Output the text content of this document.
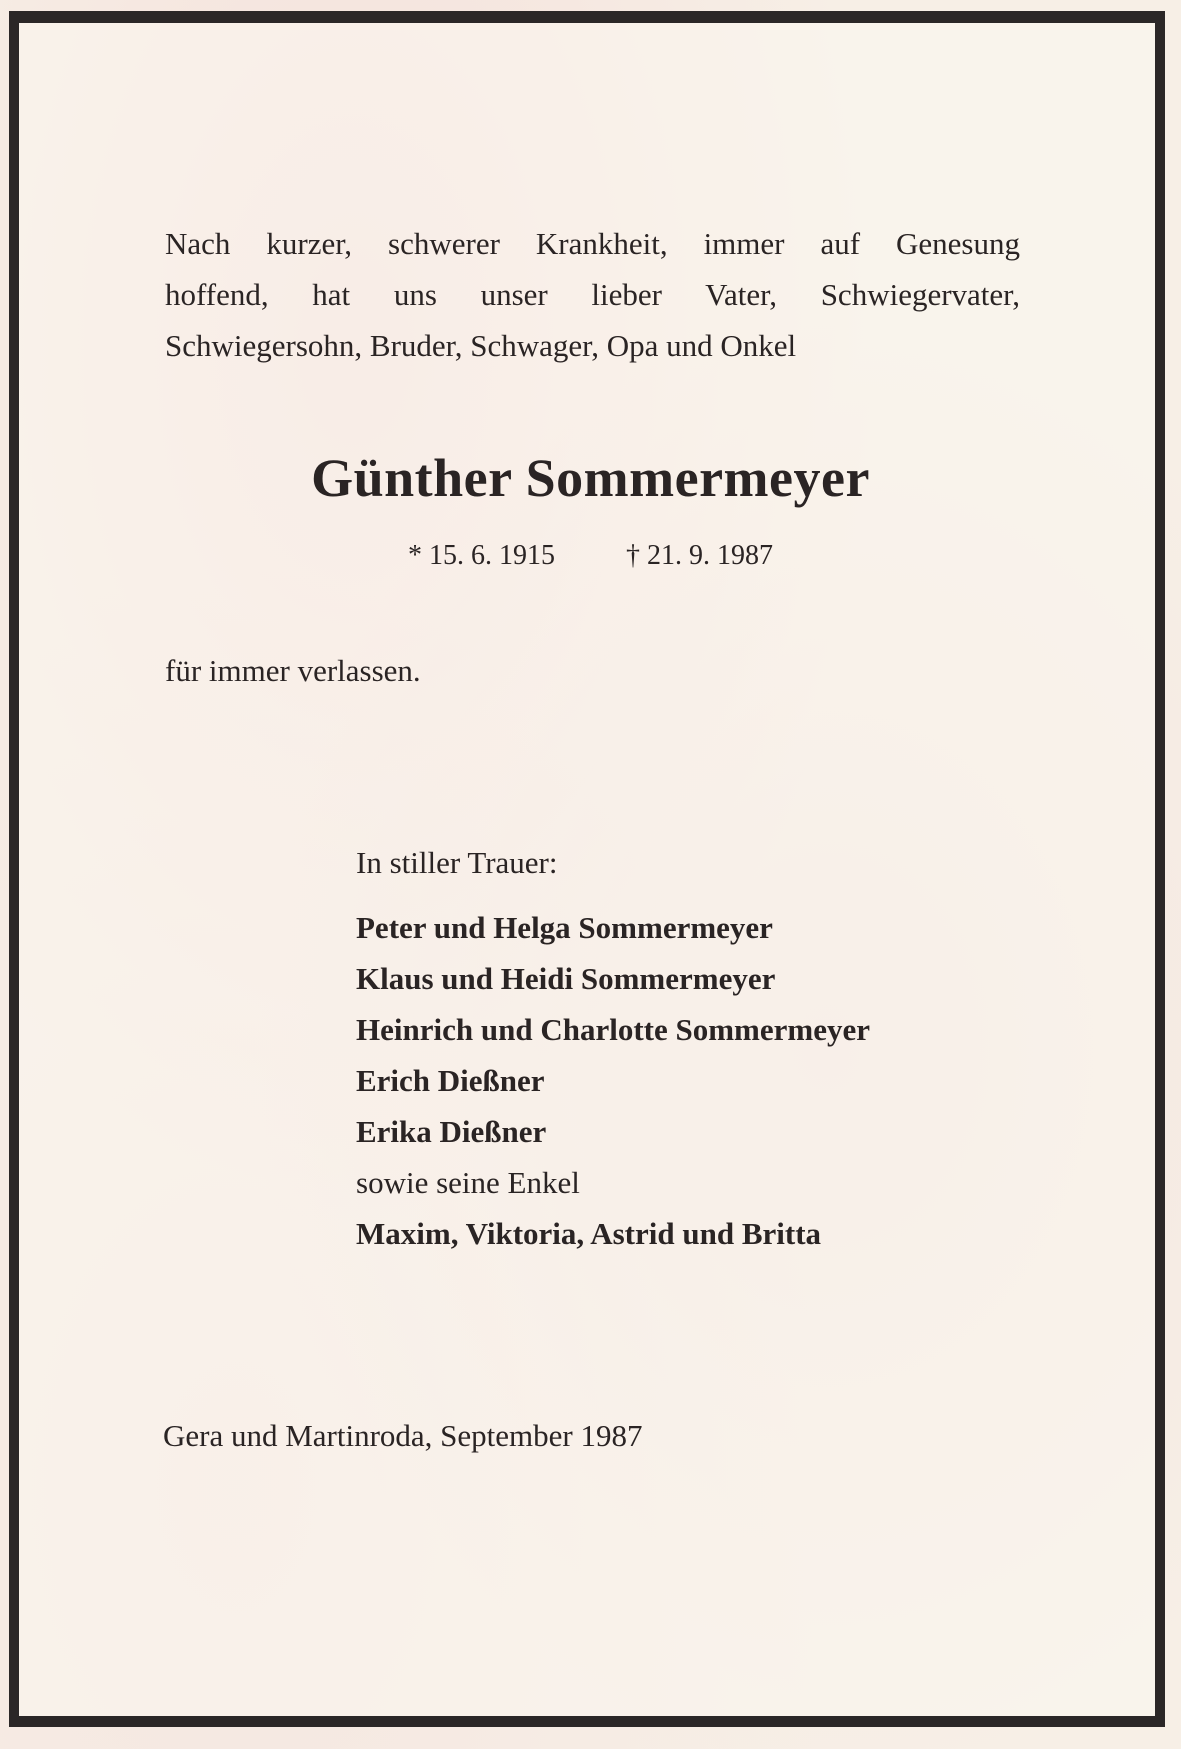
Nach kurzer, schwerer Krankheit, immer auf Genesung
hoffend, hat uns unser lieber Vater, Schwiegervater,
Schwiegersohn, Bruder, Schwager, Opa und Onkel
Günther Sommermeyer
* 15. 6. 1915	† 21. 9. 1987
für immer verlassen.
In stiller Trauer:
Peter und Helga Sommermeyer
Klaus und Heidi Sommermeyer
Heinrich und Charlotte Sommermeyer
Erich Dießner
Erika Dießner
sowie seine Enkel
Maxim, Viktoria, Astrid und Britta
Gera und Martinroda, September 1987
